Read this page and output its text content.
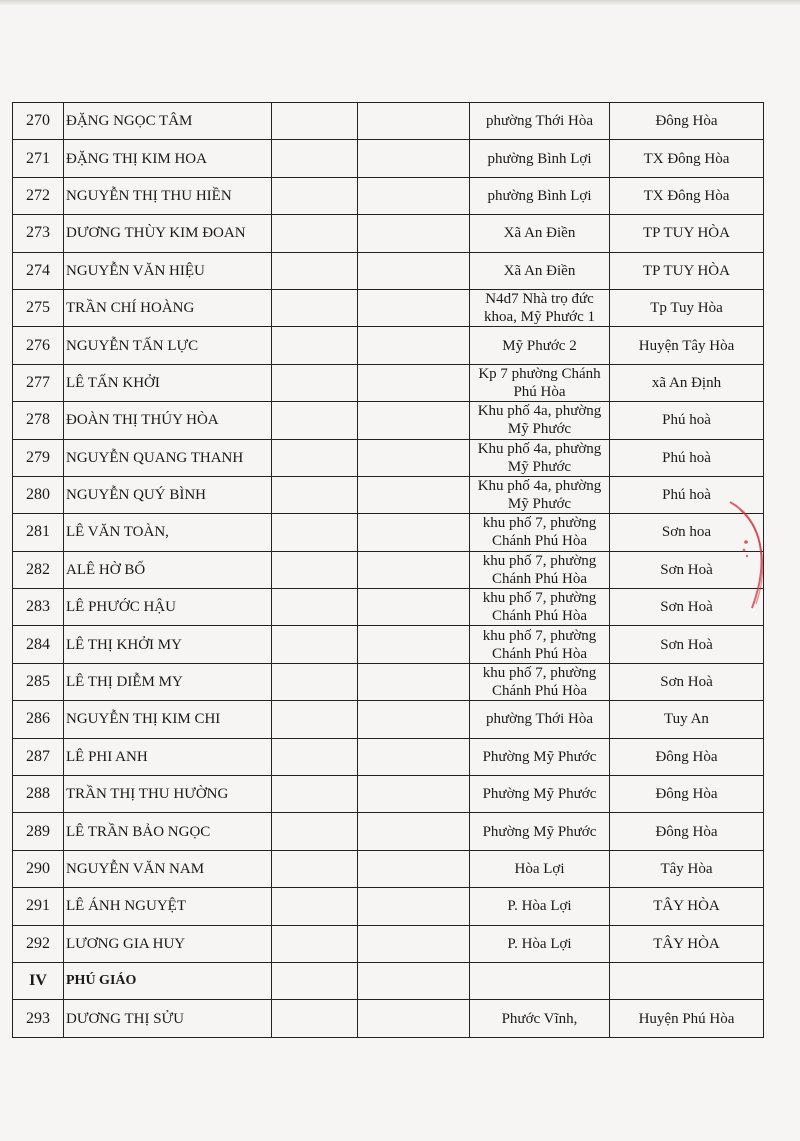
270	ĐẶNG NGỌC TÂM			phường Thới Hòa	Đông Hòa
271	ĐẶNG THỊ KIM HOA			phường Bình Lợi	TX Đông Hòa
272	NGUYỄN THỊ THU HIỀN			phường Bình Lợi	TX Đông Hòa
273	DƯƠNG THÙY KIM ĐOAN			Xã An Điền	TP TUY HÒA
274	NGUYỄN VĂN HIỆU			Xã An Điền	TP TUY HÒA
275	TRẦN CHÍ HOÀNG			N4d7 Nhà trọ đức khoa, Mỹ Phước 1	Tp Tuy Hòa
276	NGUYỄN TẤN LỰC			Mỹ Phước 2	Huyện Tây Hòa
277	LÊ TẤN KHỞI			Kp 7 phường Chánh Phú Hòa	xã An Định
278	ĐOÀN THỊ THÚY HÒA			Khu phố 4a, phường Mỹ Phước	Phú hoà
279	NGUYỄN QUANG THANH			Khu phố 4a, phường Mỹ Phước	Phú hoà
280	NGUYỄN QUÝ BÌNH			Khu phố 4a, phường Mỹ Phước	Phú hoà
281	LÊ VĂN TOÀN,			khu phố 7, phường Chánh Phú Hòa	Sơn hoa
282	ALÊ HỜ BỐ			khu phố 7, phường Chánh Phú Hòa	Sơn Hoà
283	LÊ PHƯỚC HẬU			khu phố 7, phường Chánh Phú Hòa	Sơn Hoà
284	LÊ THỊ KHỞI MY			khu phố 7, phường Chánh Phú Hòa	Sơn Hoà
285	LÊ THỊ DIỄM MY			khu phố 7, phường Chánh Phú Hòa	Sơn Hoà
286	NGUYỄN THỊ KIM CHI			phường Thới Hòa	Tuy An
287	LÊ PHI ANH			Phường Mỹ Phước	Đông Hòa
288	TRẦN THỊ THU HƯỜNG			Phường Mỹ Phước	Đông Hòa
289	LÊ TRẦN BẢO NGỌC			Phường Mỹ Phước	Đông Hòa
290	NGUYỄN VĂN NAM			Hòa Lợi	Tây Hòa
291	LÊ ÁNH NGUYỆT			P. Hòa Lợi	TÂY HÒA
292	LƯƠNG GIA HUY			P. Hòa Lợi	TÂY HÒA
IV	PHÚ GIÁO				
293	DƯƠNG THỊ SỬU			Phước Vĩnh,	Huyện Phú Hòa
